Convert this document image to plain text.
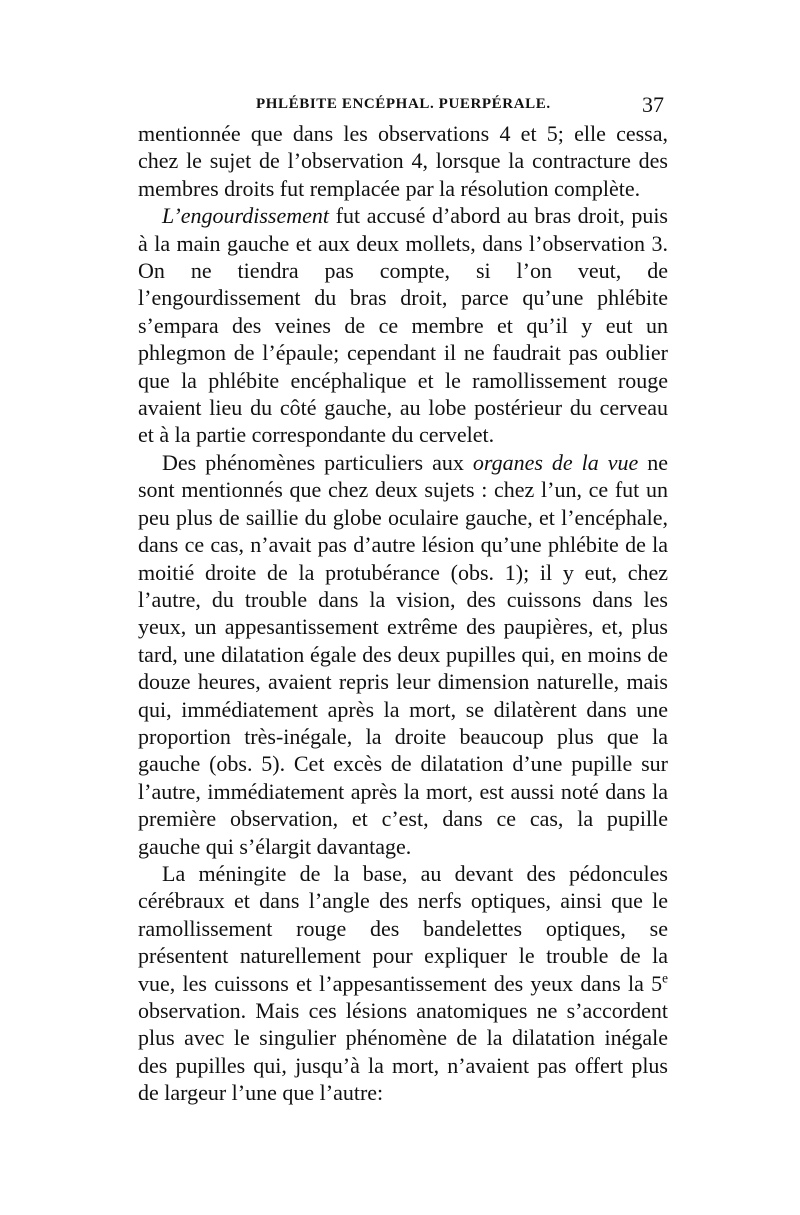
PHLÉBITE ENCÉPHAL. PUERPÉRALE.	37

mentionnée que dans les observations 4 et 5; elle cessa, chez le sujet de l’observation 4, lorsque la contracture des membres droits fut remplacée par la résolution complète.

L’engourdissement fut accusé d’abord au bras droit, puis à la main gauche et aux deux mollets, dans l’observation 3. On ne tiendra pas compte, si l’on veut, de l’engourdissement du bras droit, parce qu’une phlébite s’empara des veines de ce membre et qu’il y eut un phlegmon de l’épaule; cependant il ne faudrait pas oublier que la phlébite encéphalique et le ramollissement rouge avaient lieu du côté gauche, au lobe postérieur du cerveau et à la partie correspondante du cervelet.

Des phénomènes particuliers aux organes de la vue ne sont mentionnés que chez deux sujets : chez l’un, ce fut un peu plus de saillie du globe oculaire gauche, et l’encéphale, dans ce cas, n’avait pas d’autre lésion qu’une phlébite de la moitié droite de la protubérance (obs. 1); il y eut, chez l’autre, du trouble dans la vision, des cuissons dans les yeux, un appesantissement extrême des paupières, et, plus tard, une dilatation égale des deux pupilles qui, en moins de douze heures, avaient repris leur dimension naturelle, mais qui, immédiatement après la mort, se dilatèrent dans une proportion très-inégale, la droite beaucoup plus que la gauche (obs. 5). Cet excès de dilatation d’une pupille sur l’autre, immédiatement après la mort, est aussi noté dans la première observation, et c’est, dans ce cas, la pupille gauche qui s’élargit davantage.

La méningite de la base, au devant des pédoncules cérébraux et dans l’angle des nerfs optiques, ainsi que le ramollissement rouge des bandelettes optiques, se présentent naturellement pour expliquer le trouble de la vue, les cuissons et l’appesantissement des yeux dans la 5e observation. Mais ces lésions anatomiques ne s’accordent plus avec le singulier phénomène de la dilatation inégale des pupilles qui, jusqu’à la mort, n’avaient pas offert plus de largeur l’une que l’autre:
